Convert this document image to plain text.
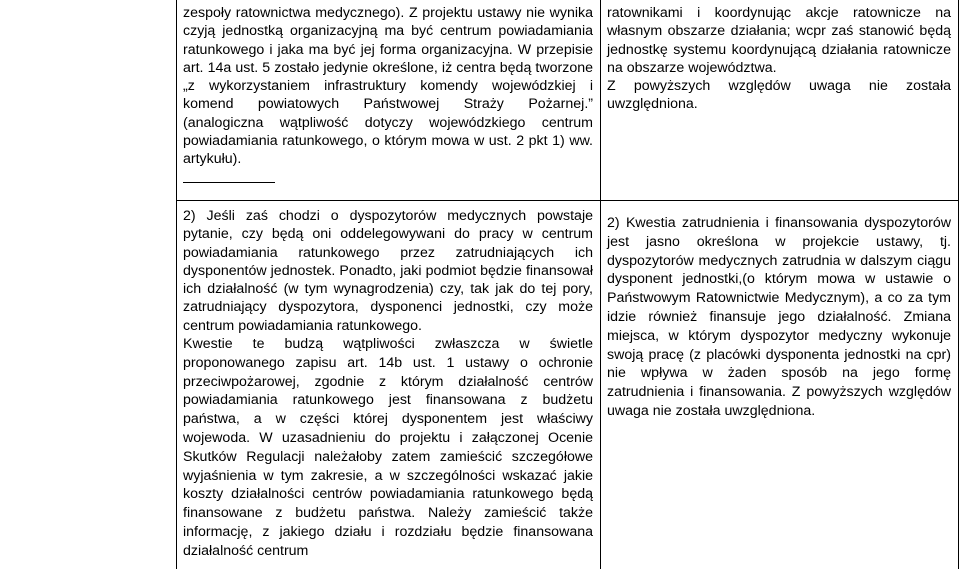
zespoły ratownictwa medycznego). Z projektu ustawy nie wynika czyją jednostką organizacyjną ma być centrum powiadamiania ratunkowego i jaka ma być jej forma organizacyjna. W przepisie art. 14a ust. 5 zostało jedynie określone, iż centra będą tworzone „z wykorzystaniem infrastruktury komendy wojewódzkiej i komend powiatowych Państwowej Straży Pożarnej.” (analogiczna wątpliwość dotyczy wojewódzkiego centrum powiadamiania ratunkowego, o którym mowa w ust. 2 pkt 1) ww. artykułu).

ratownikami i koordynując akcje ratownicze na własnym obszarze działania; wcpr zaś stanowić będą jednostkę systemu koordynującą działania ratownicze na obszarze województwa.

Z powyższych względów uwaga nie została uwzględniona.

2) Jeśli zaś chodzi o dyspozytorów medycznych powstaje pytanie, czy będą oni oddelegowywani do pracy w centrum powiadamiania ratunkowego przez zatrudniających ich dysponentów jednostek. Ponadto, jaki podmiot będzie finansował ich działalność (w tym wynagrodzenia) czy, tak jak do tej pory, zatrudniający dyspozytora, dysponenci jednostki, czy może centrum powiadamiania ratunkowego.

Kwestie te budzą wątpliwości zwłaszcza w świetle proponowanego zapisu art. 14b ust. 1 ustawy o ochronie przeciwpożarowej, zgodnie z którym działalność centrów powiadamiania ratunkowego jest finansowana z budżetu państwa, a w części której dysponentem jest właściwy wojewoda. W uzasadnieniu do projektu i załączonej Ocenie Skutków Regulacji należałoby zatem zamieścić szczegółowe wyjaśnienia w tym zakresie, a w szczególności wskazać jakie koszty działalności centrów powiadamiania ratunkowego będą finansowane z budżetu państwa. Należy zamieścić także informację, z jakiego działu i rozdziału będzie finansowana działalność centrum

2) Kwestia zatrudnienia i finansowania dyspozytorów jest jasno określona w projekcie ustawy, tj. dyspozytorów medycznych zatrudnia w dalszym ciągu dysponent jednostki,(o którym mowa w ustawie o Państwowym Ratownictwie Medycznym), a co za tym idzie również finansuje jego działalność. Zmiana miejsca, w którym dyspozytor medyczny wykonuje swoją pracę (z placówki dysponenta jednostki na cpr) nie wpływa w żaden sposób na jego formę zatrudnienia i finansowania. Z powyższych względów uwaga nie została uwzględniona.
